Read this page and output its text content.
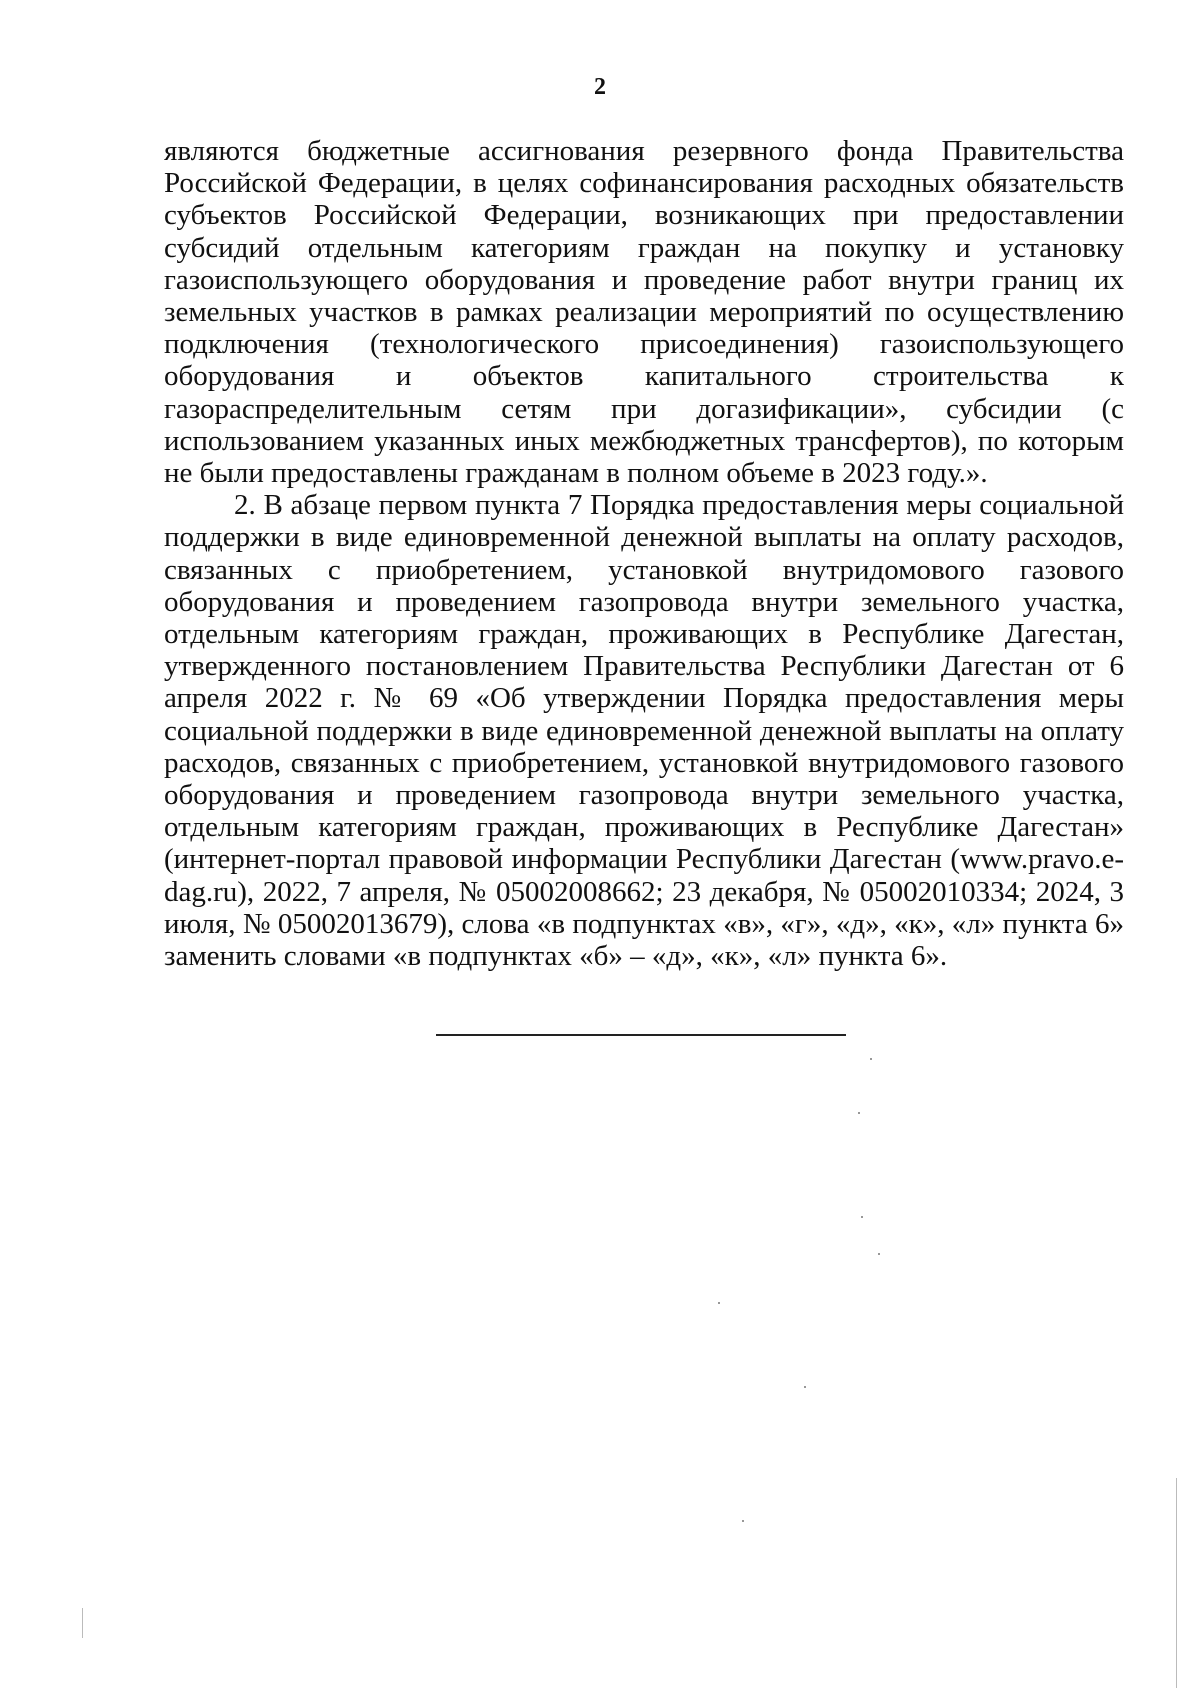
2

являются бюджетные ассигнования резервного фонда Правительства Российской Федерации, в целях софинансирования расходных обязательств субъектов Российской Федерации, возникающих при предоставлении субсидий отдельным категориям граждан на покупку и установку газоиспользующего оборудования и проведение работ внутри границ их земельных участков в рамках реализации мероприятий по осуществлению подключения (технологического присоединения) газоиспользующего оборудования и объектов капитального строительства к газораспределительным сетям при догазификации», субсидии (с использованием указанных иных межбюджетных трансфертов), по которым не были предоставлены гражданам в полном объеме в 2023 году.».

2. В абзаце первом пункта 7 Порядка предоставления меры социальной поддержки в виде единовременной денежной выплаты на оплату расходов, связанных с приобретением, установкой внутридомового газового оборудования и проведением газопровода внутри земельного участка, отдельным категориям граждан, проживающих в Республике Дагестан, утвержденного постановлением Правительства Республики Дагестан от 6 апреля 2022 г. № 69 «Об утверждении Порядка предоставления меры социальной поддержки в виде единовременной денежной выплаты на оплату расходов, связанных с приобретением, установкой внутридомового газового оборудования и проведением газопровода внутри земельного участка, отдельным категориям граждан, проживающих в Республике Дагестан» (интернет-портал правовой информации Республики Дагестан (www.pravo.e-dag.ru), 2022, 7 апреля, № 05002008662; 23 декабря, № 05002010334; 2024, 3 июля, № 05002013679), слова «в подпунктах «в», «г», «д», «к», «л» пункта 6» заменить словами «в подпунктах «б» – «д», «к», «л» пункта 6».
